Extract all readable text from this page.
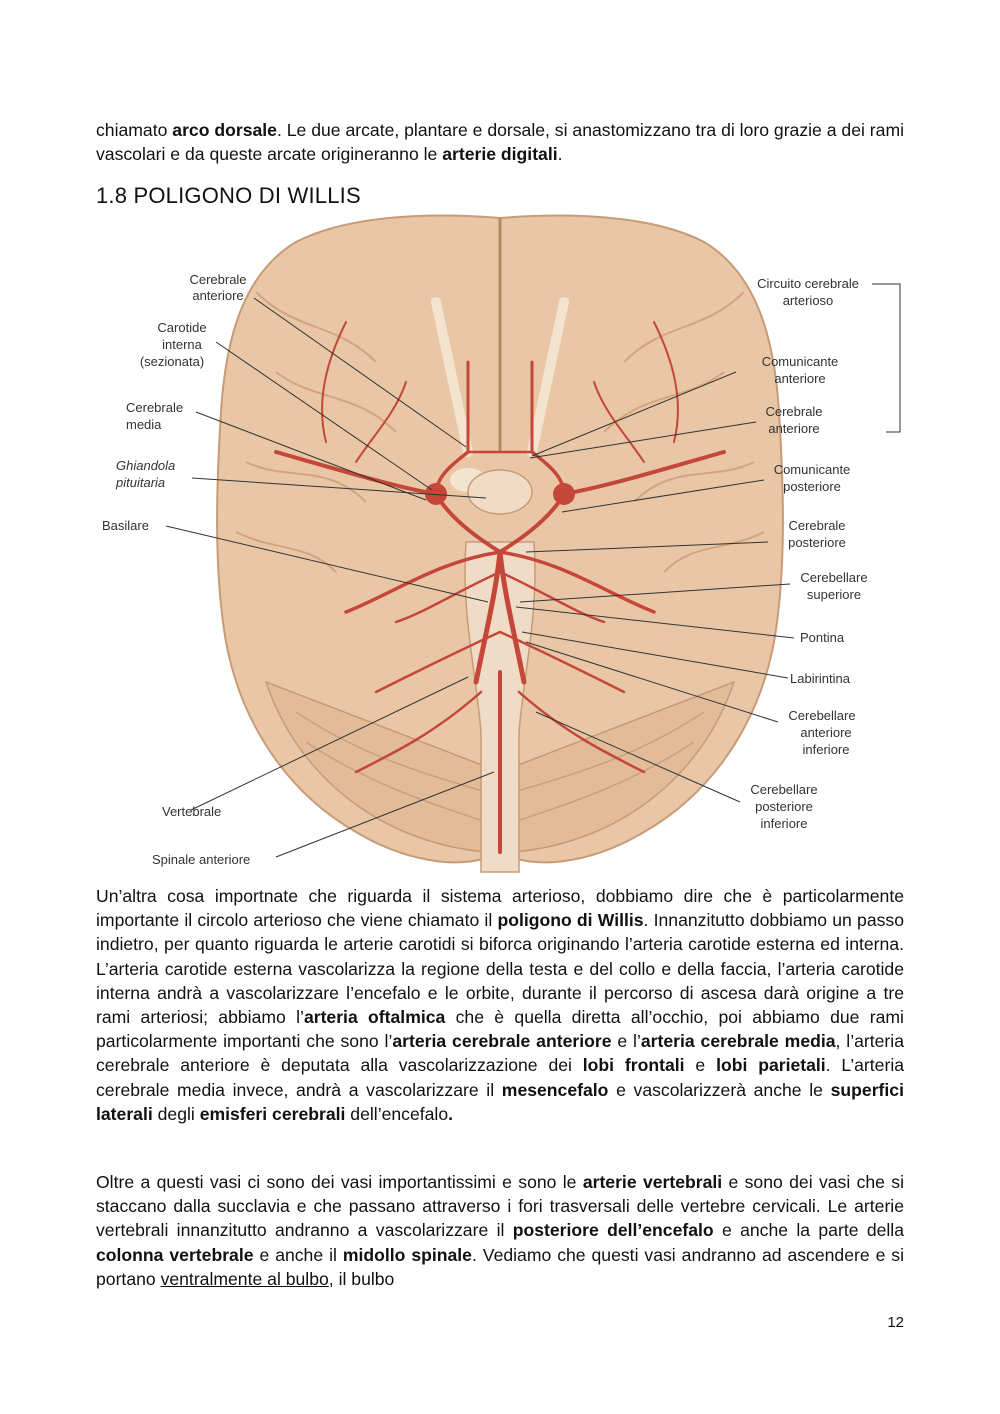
chiamato arco dorsale. Le due arcate, plantare e dorsale, si anastomizzano tra di loro grazie a dei rami vascolari e da queste arcate origineranno le arterie digitali.

1.8 POLIGONO DI WILLIS
Cerebrale anteriore
Carotide interna (sezionata)
Cerebrale media
Ghiandola pituitaria
Basilare
Vertebrale
Spinale anteriore
Circuito cerebrale arterioso
Comunicante anteriore
Cerebrale anteriore
Comunicante posteriore
Cerebrale posteriore
Cerebellare superiore
Pontina
Labirintina
Cerebellare anteriore inferiore
Cerebellare posteriore inferiore

Un’altra cosa importnate che riguarda il sistema arterioso, dobbiamo dire che è particolarmente importante il circolo arterioso che viene chiamato il poligono di Willis. Innanzitutto dobbiamo un passo indietro, per quanto riguarda le arterie carotidi si biforca originando l’arteria carotide esterna ed interna. L’arteria carotide esterna vascolarizza la regione della testa e del collo e della faccia, l’arteria carotide interna andrà a vascolarizzare l’encefalo e le orbite, durante il percorso di ascesa darà origine a tre rami arteriosi; abbiamo l’arteria oftalmica che è quella diretta all’occhio, poi abbiamo due rami particolarmente importanti che sono l’arteria cerebrale anteriore e l’arteria cerebrale media, l’arteria cerebrale anteriore è deputata alla vascolarizzazione dei lobi frontali e lobi parietali. L’arteria cerebrale media invece, andrà a vascolarizzare il mesencefalo e vascolarizzerà anche le superfici laterali degli emisferi cerebrali dell’encefalo.

Oltre a questi vasi ci sono dei vasi importantissimi e sono le arterie vertebrali e sono dei vasi che si staccano dalla succlavia e che passano attraverso i fori trasversali delle vertebre cervicali. Le arterie vertebrali innanzitutto andranno a vascolarizzare il posteriore dell’encefalo e anche la parte della colonna vertebrale e anche il midollo spinale. Vediamo che questi vasi andranno ad ascendere e si portano ventralmente al bulbo, il bulbo

12
